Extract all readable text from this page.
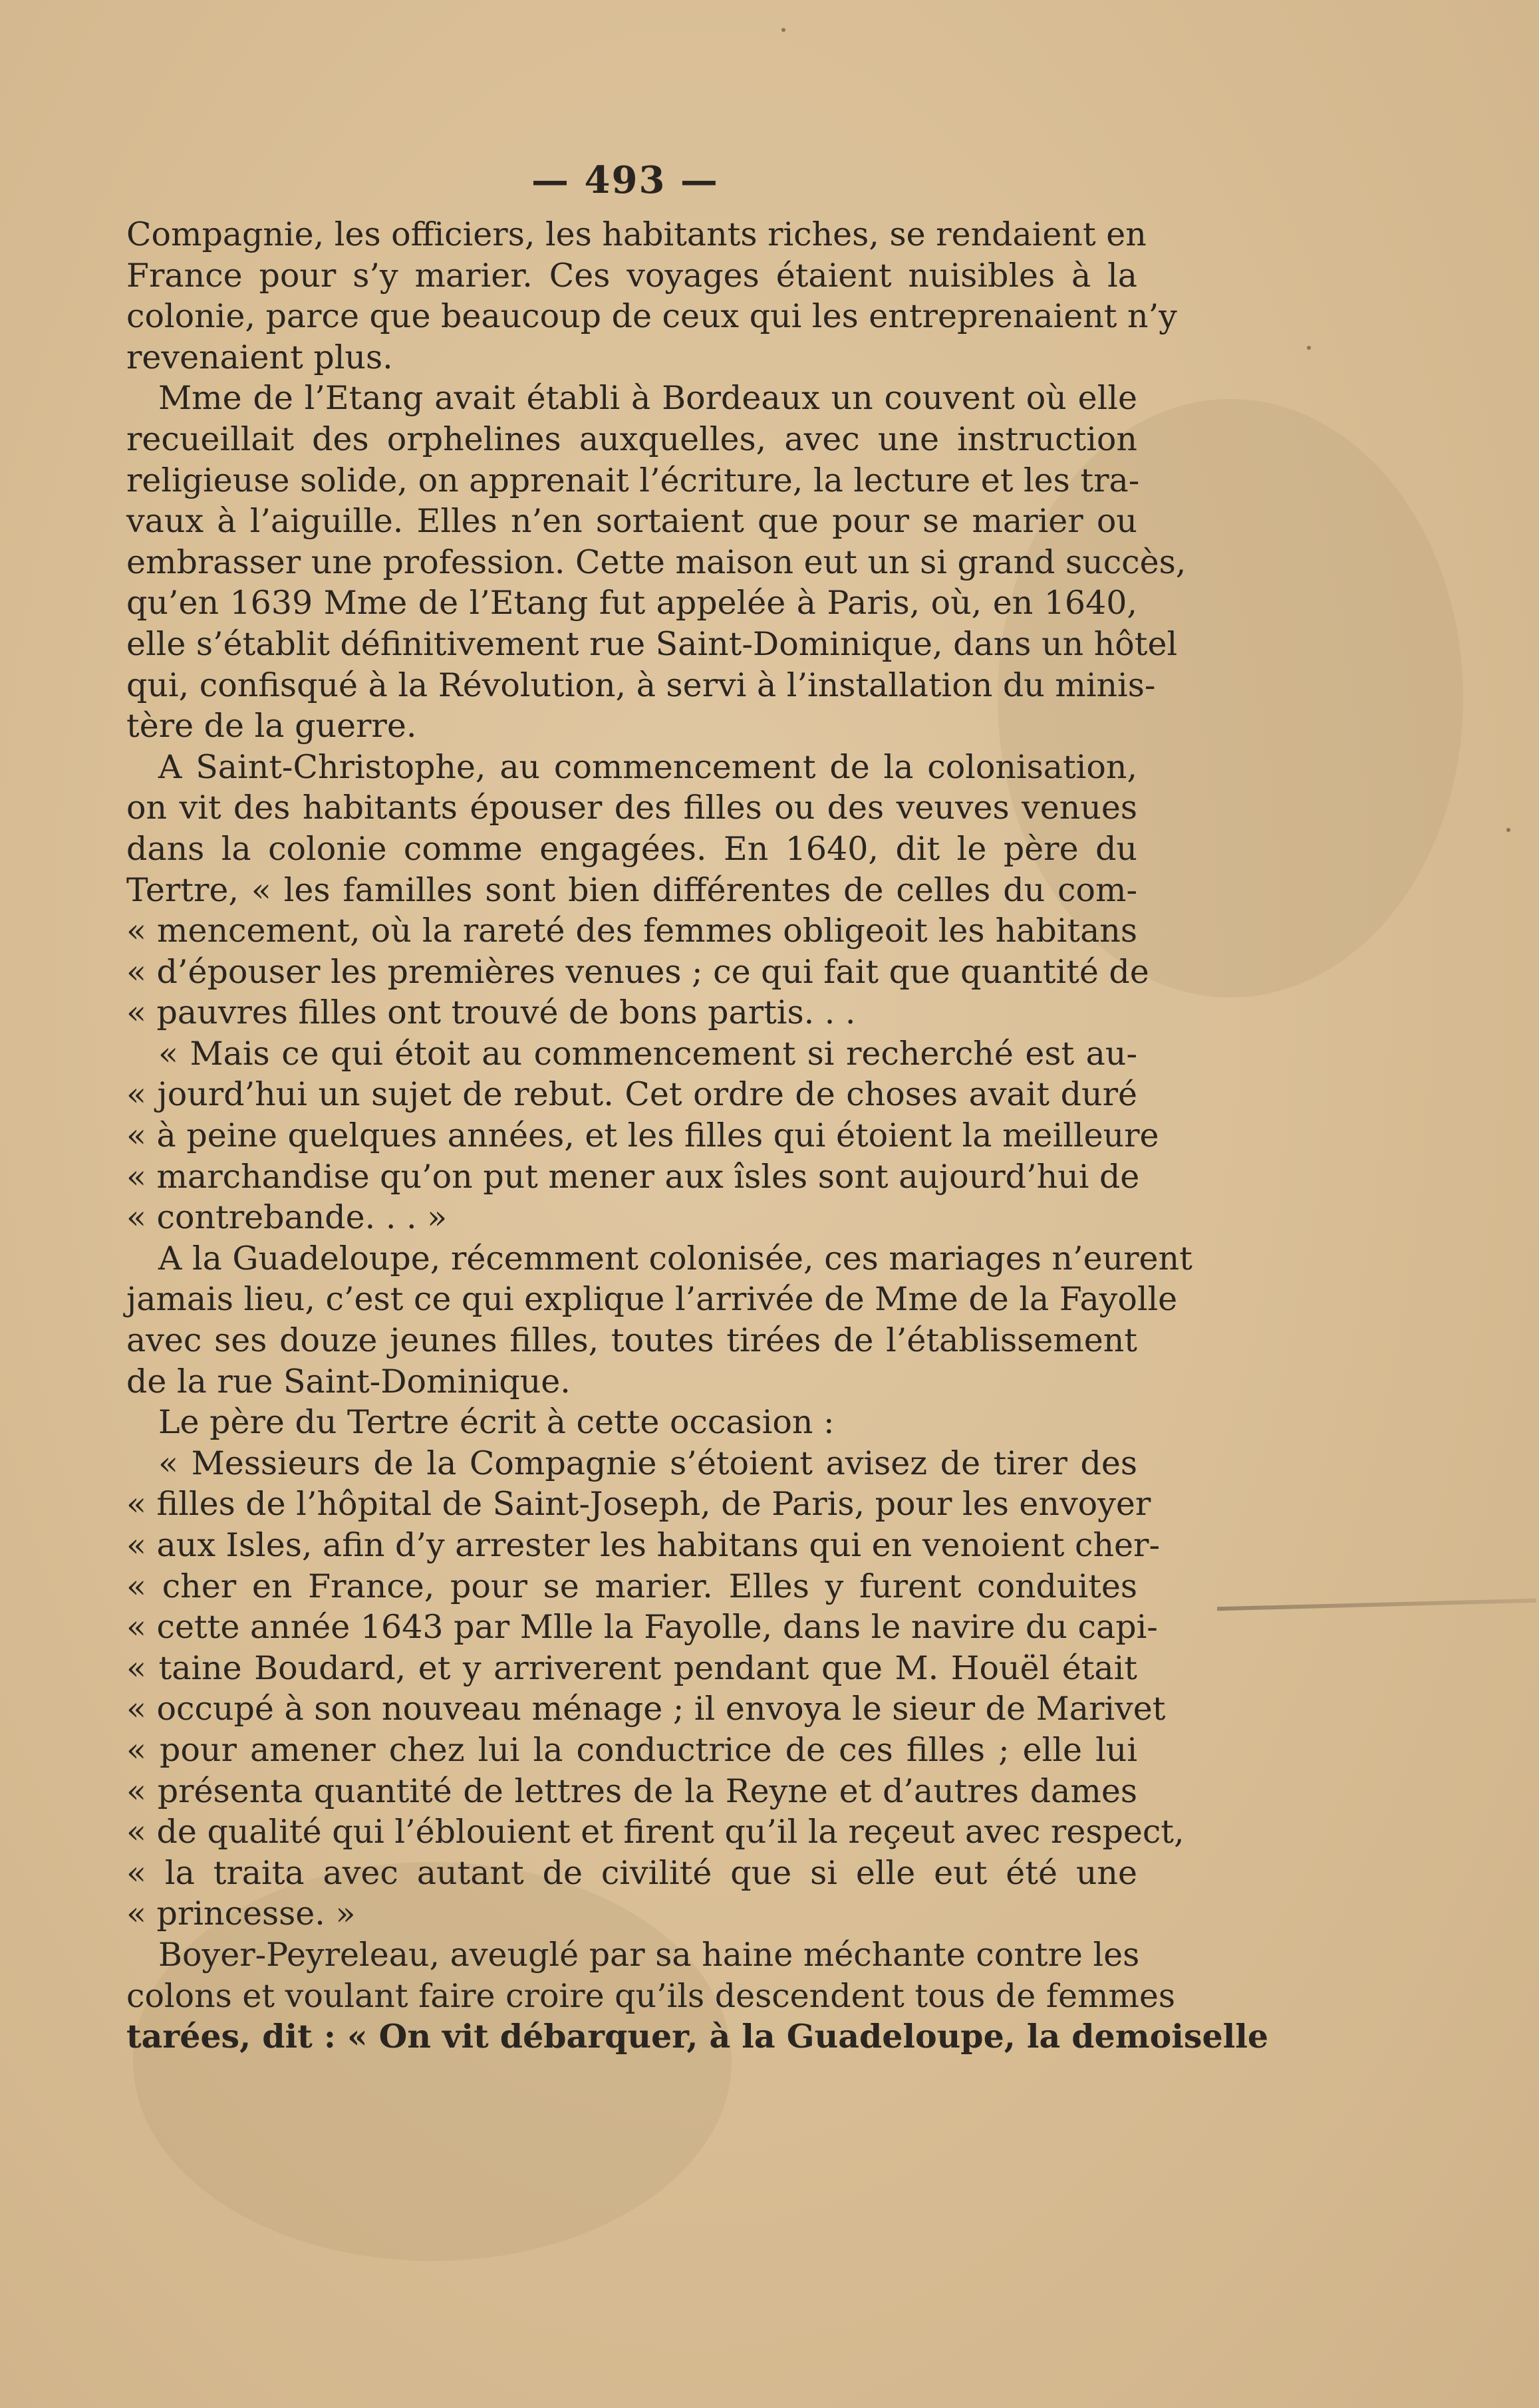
— 493 —
Compagnie, les officiers, les habitants riches, se rendaient en
France pour s’y marier. Ces voyages étaient nuisibles à la
colonie, parce que beaucoup de ceux qui les entreprenaient n’y
revenaient plus.
Mme de l’Etang avait établi à Bordeaux un couvent où elle
recueillait des orphelines auxquelles, avec une instruction
religieuse solide, on apprenait l’écriture, la lecture et les tra-
vaux à l’aiguille. Elles n’en sortaient que pour se marier ou
embrasser une profession. Cette maison eut un si grand succès,
qu’en 1639 Mme de l’Etang fut appelée à Paris, où, en 1640,
elle s’établit définitivement rue Saint-Dominique, dans un hôtel
qui, confisqué à la Révolution, à servi à l’installation du minis-
tère de la guerre.
A Saint-Christophe, au commencement de la colonisation,
on vit des habitants épouser des filles ou des veuves venues
dans la colonie comme engagées. En 1640, dit le père du
Tertre, « les familles sont bien différentes de celles du com-
« mencement, où la rareté des femmes obligeoit les habitans
« d’épouser les premières venues ; ce qui fait que quantité de
« pauvres filles ont trouvé de bons partis. . .
« Mais ce qui étoit au commencement si recherché est au-
« jourd’hui un sujet de rebut. Cet ordre de choses avait duré
« à peine quelques années, et les filles qui étoient la meilleure
« marchandise qu’on put mener aux îsles sont aujourd’hui de
« contrebande. . . »
A la Guadeloupe, récemment colonisée, ces mariages n’eurent
jamais lieu, c’est ce qui explique l’arrivée de Mme de la Fayolle
avec ses douze jeunes filles, toutes tirées de l’établissement
de la rue Saint-Dominique.
Le père du Tertre écrit à cette occasion :
« Messieurs de la Compagnie s’étoient avisez de tirer des
« filles de l’hôpital de Saint-Joseph, de Paris, pour les envoyer
« aux Isles, afin d’y arrester les habitans qui en venoient cher-
« cher en France, pour se marier. Elles y furent conduites
« cette année 1643 par Mlle la Fayolle, dans le navire du capi-
« taine Boudard, et y arriverent pendant que M. Houël était
« occupé à son nouveau ménage ; il envoya le sieur de Marivet
« pour amener chez lui la conductrice de ces filles ; elle lui
« présenta quantité de lettres de la Reyne et d’autres dames
« de qualité qui l’éblouient et firent qu’il la reçeut avec respect,
« la traita avec autant de civilité que si elle eut été une
« princesse. »
Boyer-Peyreleau, aveuglé par sa haine méchante contre les
colons et voulant faire croire qu’ils descendent tous de femmes
tarées, dit : « On vit débarquer, à la Guadeloupe, la demoiselle
